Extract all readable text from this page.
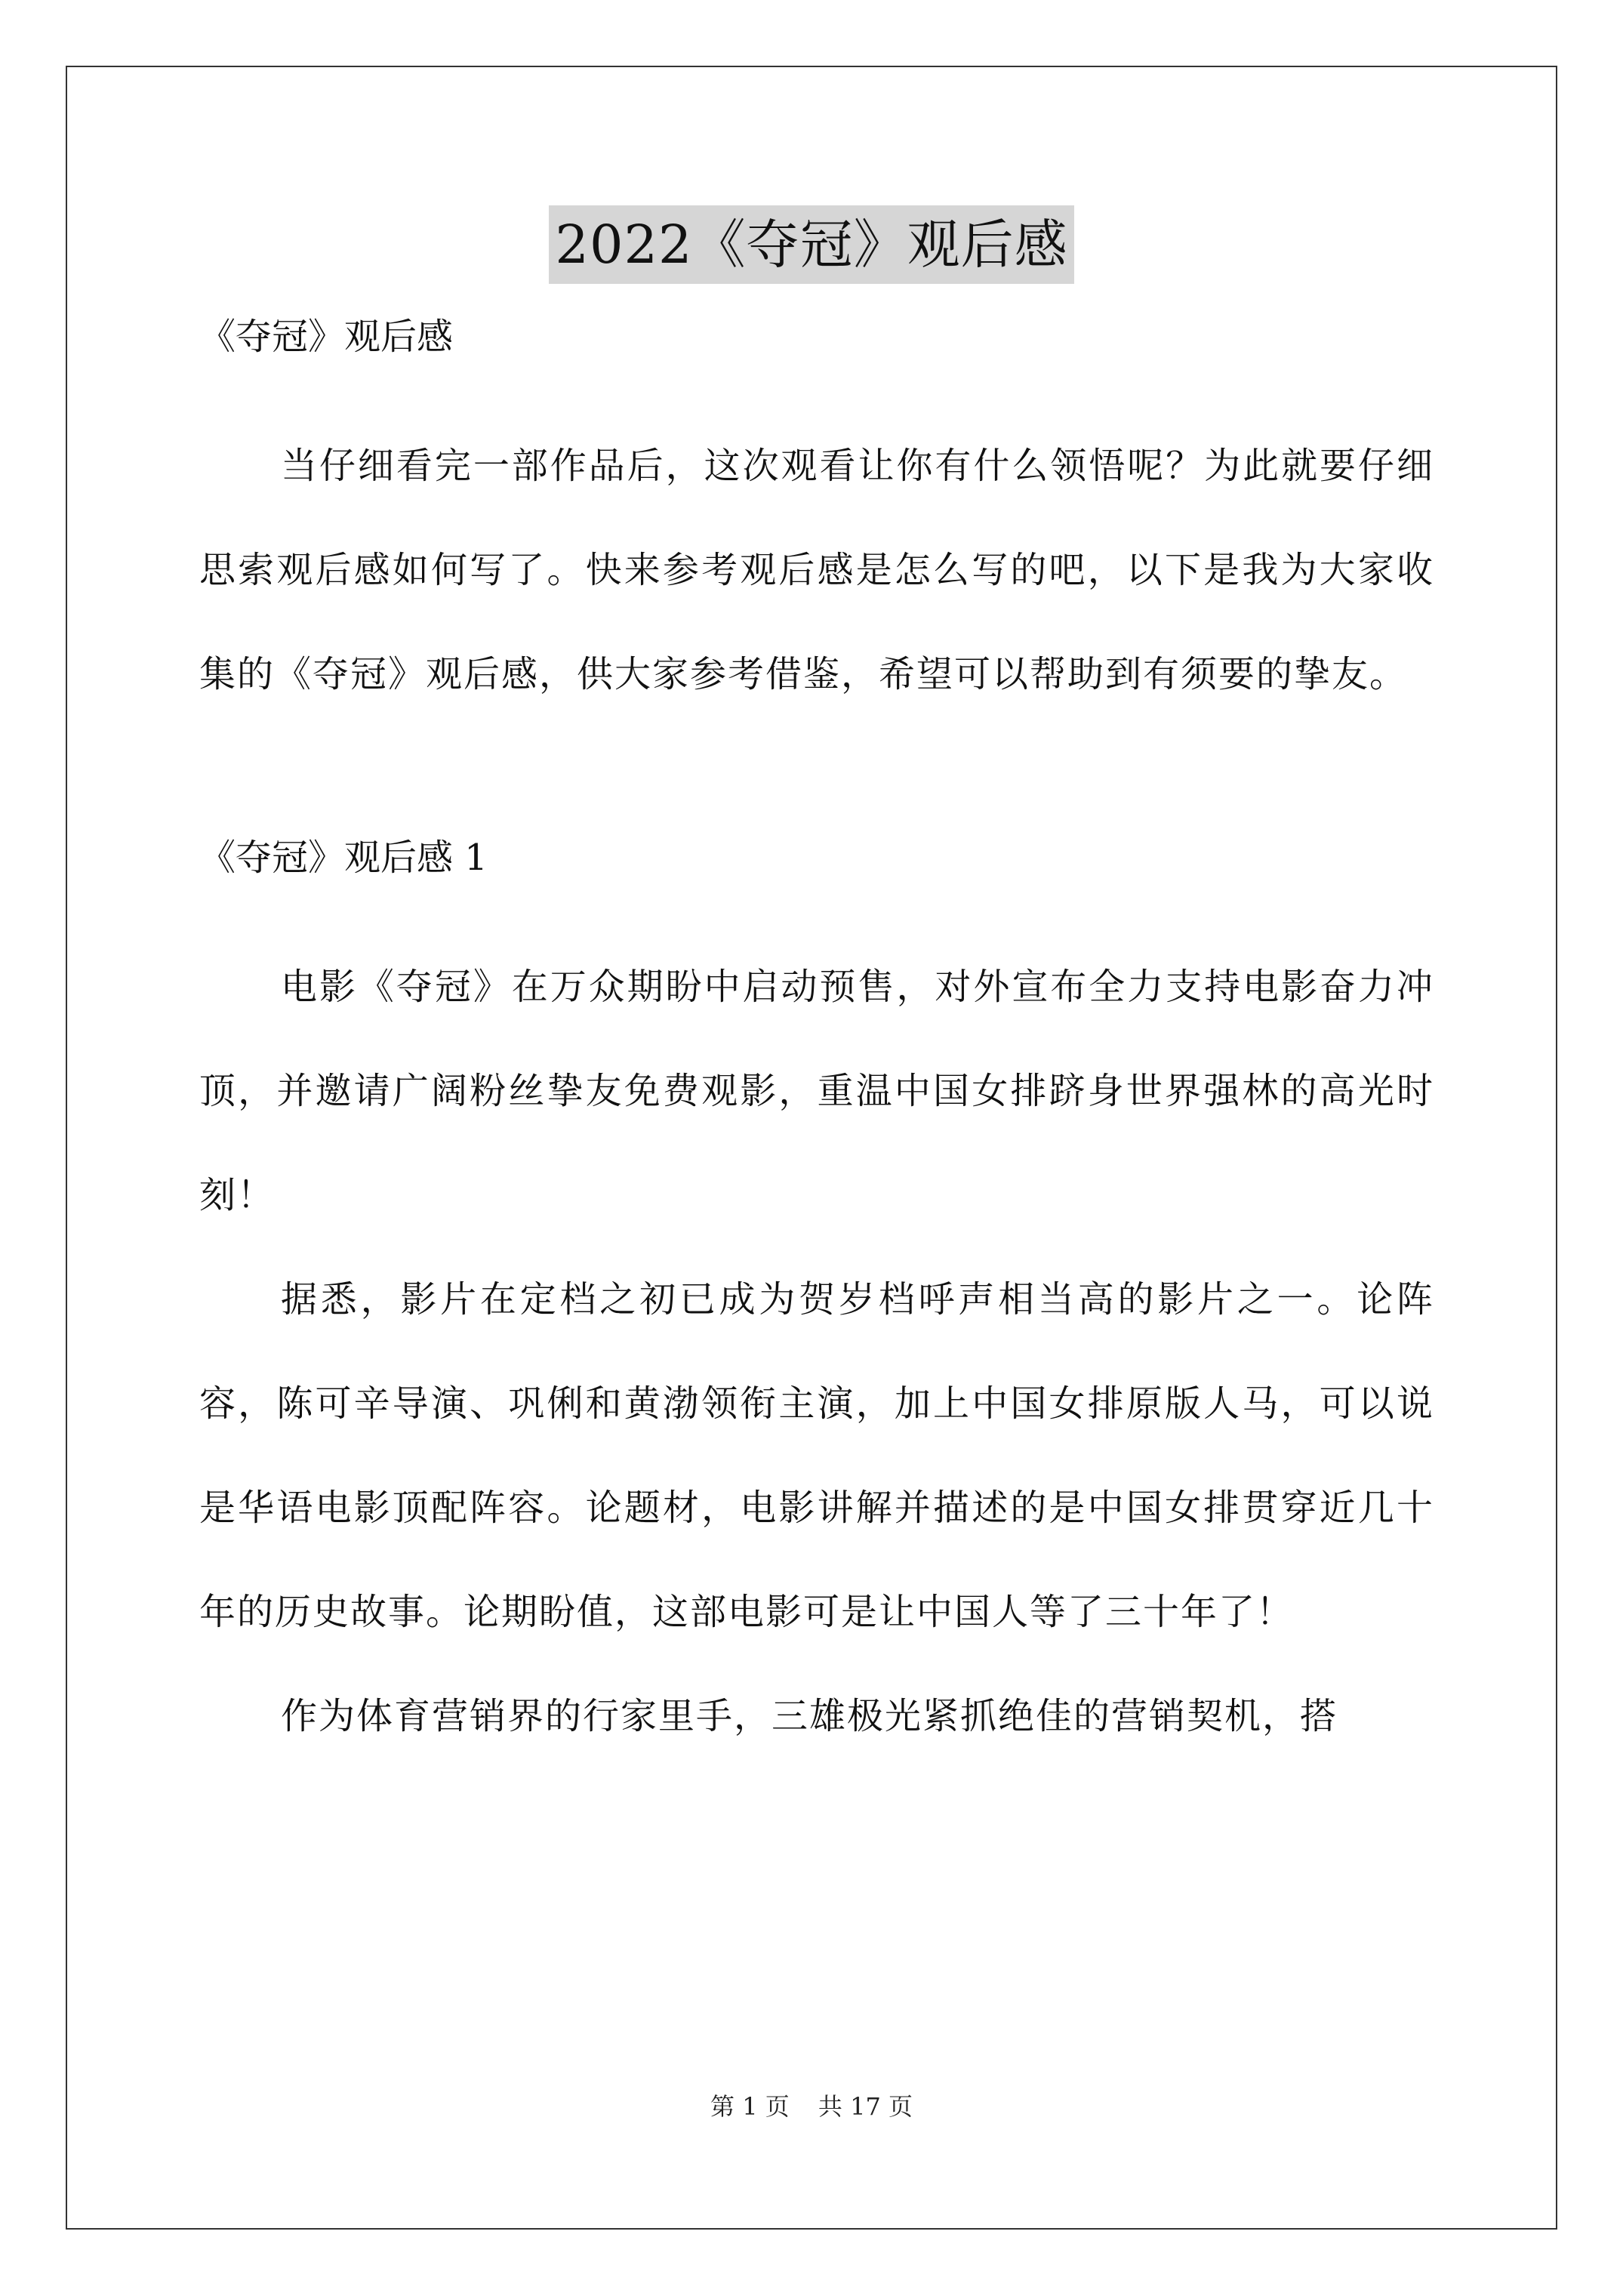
2022《夺冠》观后感

《夺冠》观后感

当仔细看完一部作品后，这次观看让你有什么领悟呢？为此就要仔细思索观后感如何写了。快来参考观后感是怎么写的吧，以下是我为大家收集的《夺冠》观后感，供大家参考借鉴，希望可以帮助到有须要的挚友。

《夺冠》观后感 1

电影《夺冠》在万众期盼中启动预售，对外宣布全力支持电影奋力冲顶，并邀请广阔粉丝挚友免费观影，重温中国女排跻身世界强林的高光时刻！

据悉，影片在定档之初已成为贺岁档呼声相当高的影片之一。论阵容，陈可辛导演、巩俐和黄渤领衔主演，加上中国女排原版人马，可以说是华语电影顶配阵容。论题材，电影讲解并描述的是中国女排贯穿近几十年的历史故事。论期盼值，这部电影可是让中国人等了三十年了！

作为体育营销界的行家里手，三雄极光紧抓绝佳的营销契机，搭

第 1 页 共 17 页
